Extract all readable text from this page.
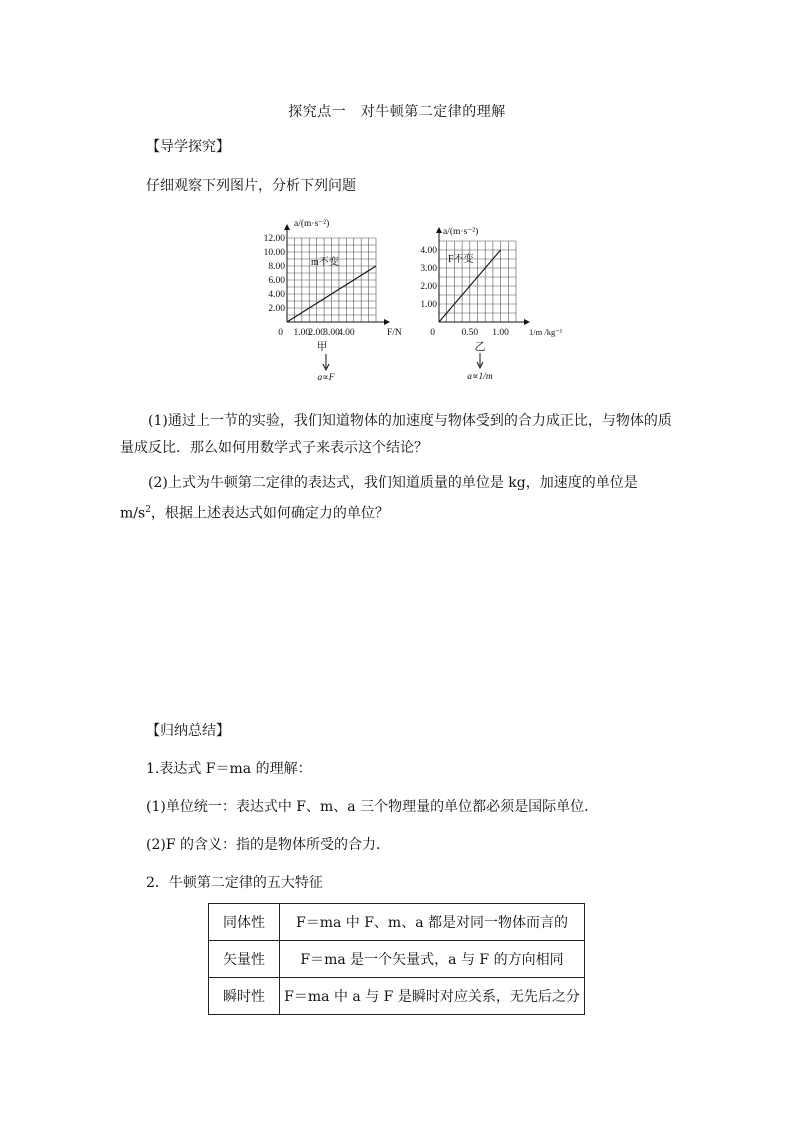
探究点一　对牛顿第二定律的理解
【导学探究】
仔细观察下列图片，分析下列问题
2.00
4.00
6.00
8.00
10.00
12.00
0 1.00
2.00
3.00
4.00
a/(m·s⁻²)
F/N
m不变
甲
a∝F
1.00
2.00
3.00
4.00
0	0.50 1.00
a/(m·s⁻²)
1/m /kg⁻¹
F不变
乙
a∝1/m
(1)通过上一节的实验，我们知道物体的加速度与物体受到的合力成正比，与物体的质量成反比．那么如何用数学式子来表示这个结论？
(2)上式为牛顿第二定律的表达式，我们知道质量的单位是 kg，加速度的单位是 $m/s^2$，根据上述表达式如何确定力的单位？
【归纳总结】
1.表达式 F＝ma 的理解：
(1)单位统一：表达式中 F、m、a 三个物理量的单位都必须是国际单位．
(2)F 的含义：指的是物体所受的合力．
2．牛顿第二定律的五大特征
同体性	F＝ma 中 F、m、a 都是对同一物体而言的
矢量性	F＝ma 是一个矢量式，a 与 F 的方向相同
瞬时性	F＝ma 中 a 与 F 是瞬时对应关系，无先后之分
